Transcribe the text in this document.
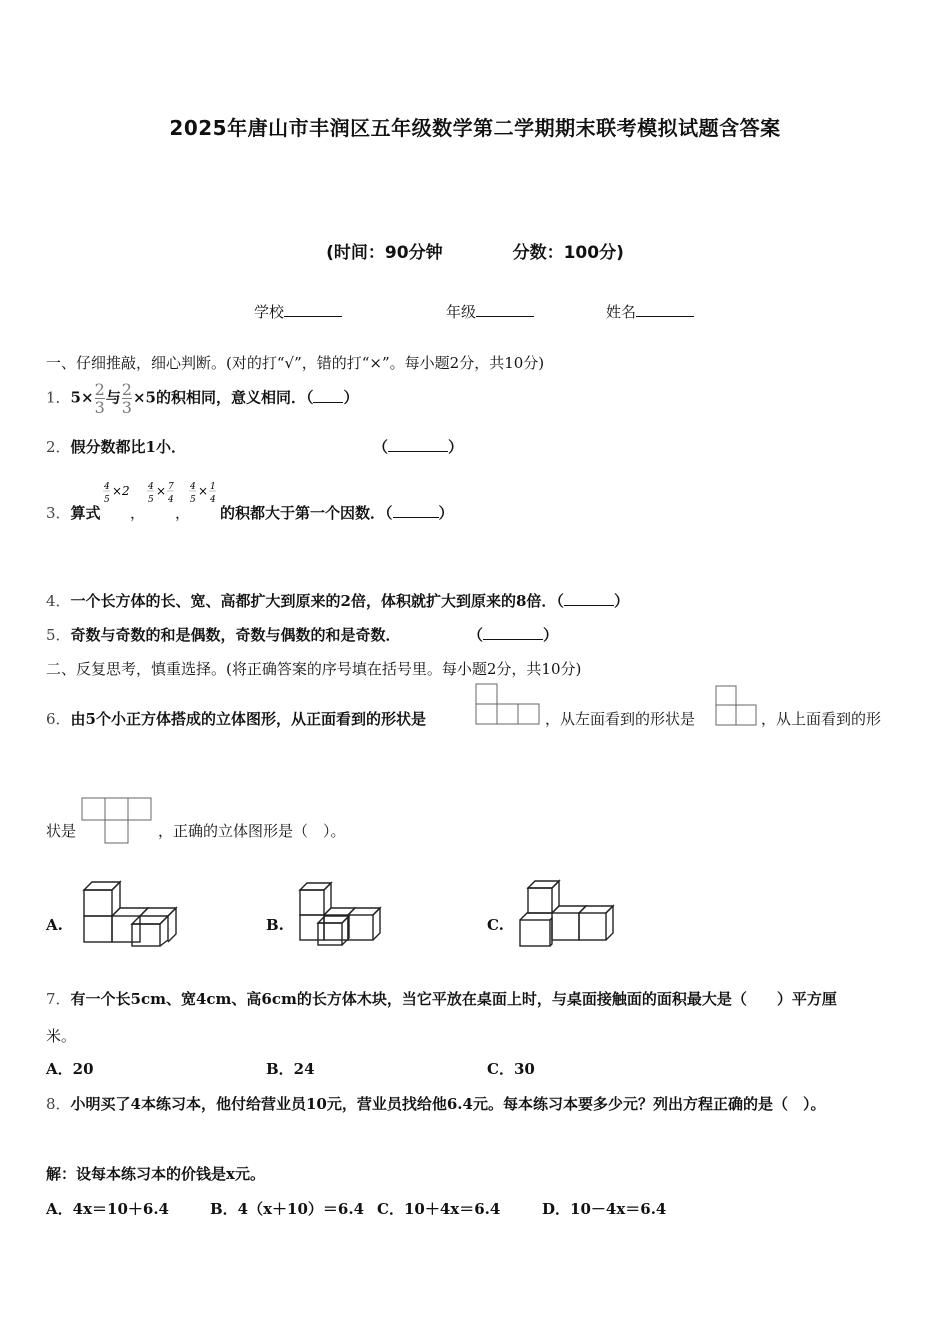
2025年唐山市丰润区五年级数学第二学期期末联考模拟试题含答案
(时间：90分钟	分数：100分)
学校	年级	姓名
一、仔细推敲，细心判断。(对的打“√”，错的打“×”。每小题2分，共10分)
1．$5\times \frac{2}{3}$ 与 $\frac{2}{3} \times 5$的积相同，意义相同．（ ）
2．假分数都比1小．	（	）
3．算式
4
5
×2 4
5
× 7
4
4
5
× 1
4
， ， 的积都大于第一个因数．（	）
4．一个长方体的长、宽、高都扩大到原来的2倍，体积就扩大到原来的8倍．（	）
5．奇数与奇数的和是偶数，奇数与偶数的和是奇数．	（	）
二、反复思考，慎重选择。(将正确答案的序号填在括号里。每小题2分，共10分)
6．由5个小正方体搭成的立体图形，从正面看到的形状是	，从左面看到的形状是	，从上面看到的形
状是	，正确的立体图形是（　）。
A.	B.	C.
7．有一个长5cm、宽4cm、高6cm的长方体木块，当它平放在桌面上时，与桌面接触面的面积最大是（　　）平方厘
米。
A．20	B．24	C．30
8．小明买了4本练习本，他付给营业员10元，营业员找给他6.4元。每本练习本要多少元？列出方程正确的是（　）。
解：设每本练习本的价钱是x元。
A．4x＝10＋6.4	B．4（x＋10）＝6.4 C．10＋4x＝6.4	D．10－4x＝6.4
